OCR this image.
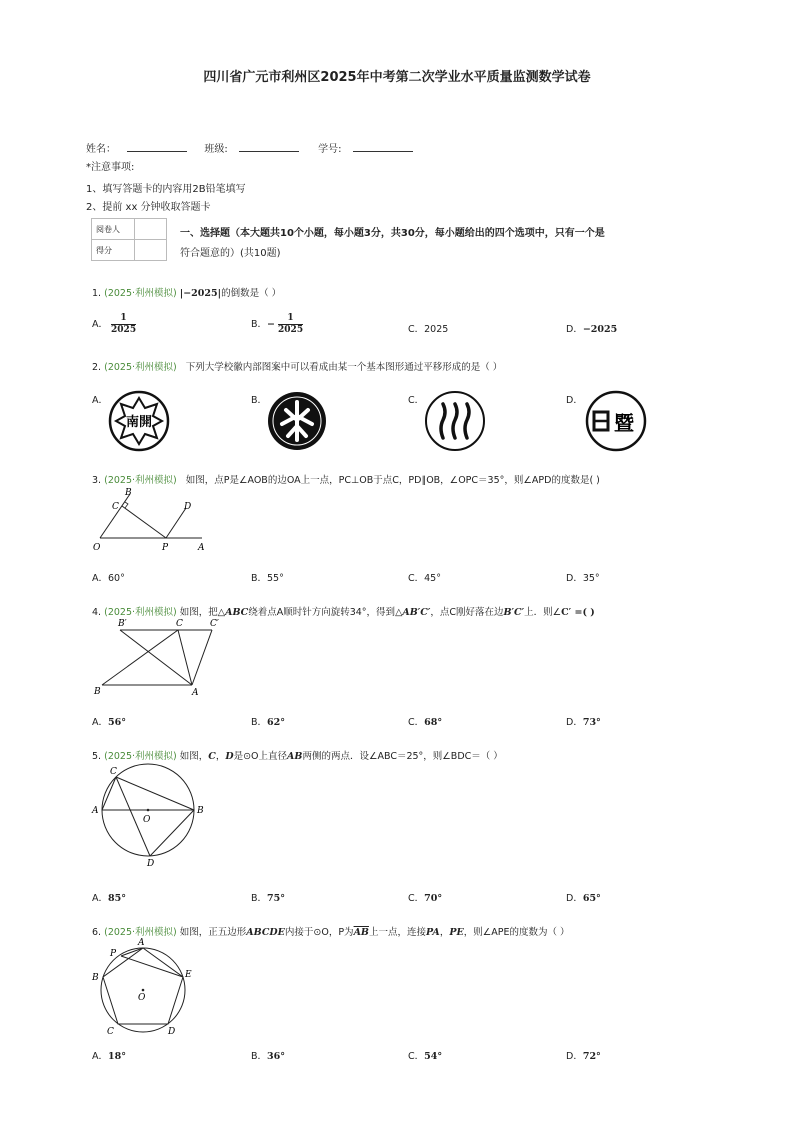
四川省广元市利州区2025年中考第二次学业水平质量监测数学试卷
姓名：	班级:	学号:
*注意事项:
1、填写答题卡的内容用2B铅笔填写
2、提前 xx 分钟收取答题卡
阅卷人	
得分	
一、选择题（本大题共10个小题，每小题3分，共30分，每小题给出的四个选项中，只有一个是
符合题意的）(共10题)
1. (2025·利州模拟) |−2025|的倒数是（ ）
A． $\frac{1}{2025}$	B．− $\frac{1}{2025}$	C．2025	D．−2025
2. (2025·利州模拟) 下列大学校徽内部图案中可以看成由某一个基本图形通过平移形成的是（ ）
A．	B．	C．	D．
南開	暨
3. (2025·利州模拟) 如图，点P是∠AOB的边OA上一点，PC⊥OB于点C，PD∥OB，∠OPC＝35°，则∠APD的度数是( )
B
C	D
O	P	A
A．60°	B．55°	C．45°	D．35°
4. (2025·利州模拟) 如图，把△ABC绕着点A顺时针方向旋转34°，得到△AB′C′，点C刚好落在边B′C′上．则∠C′ =( )
B′	C	C′
B	A
A．56°	B．62°	C．68°	D．73°
5. (2025·利州模拟) 如图，C，D是⊙O上直径AB两侧的两点．设∠ABC＝25°，则∠BDC＝（ ）
C
A
O
B
D
A．85°	B．75°	C．70°	D．65°
6. (2025·利州模拟) 如图，正五边形ABCDE内接于⊙O，P为$\overline{AB}$上一点，连接PA，PE，则∠APE的度数为（ ）
P
A
B	E
O
C	D
A．18°	B．36°	C．54°	D．72°
